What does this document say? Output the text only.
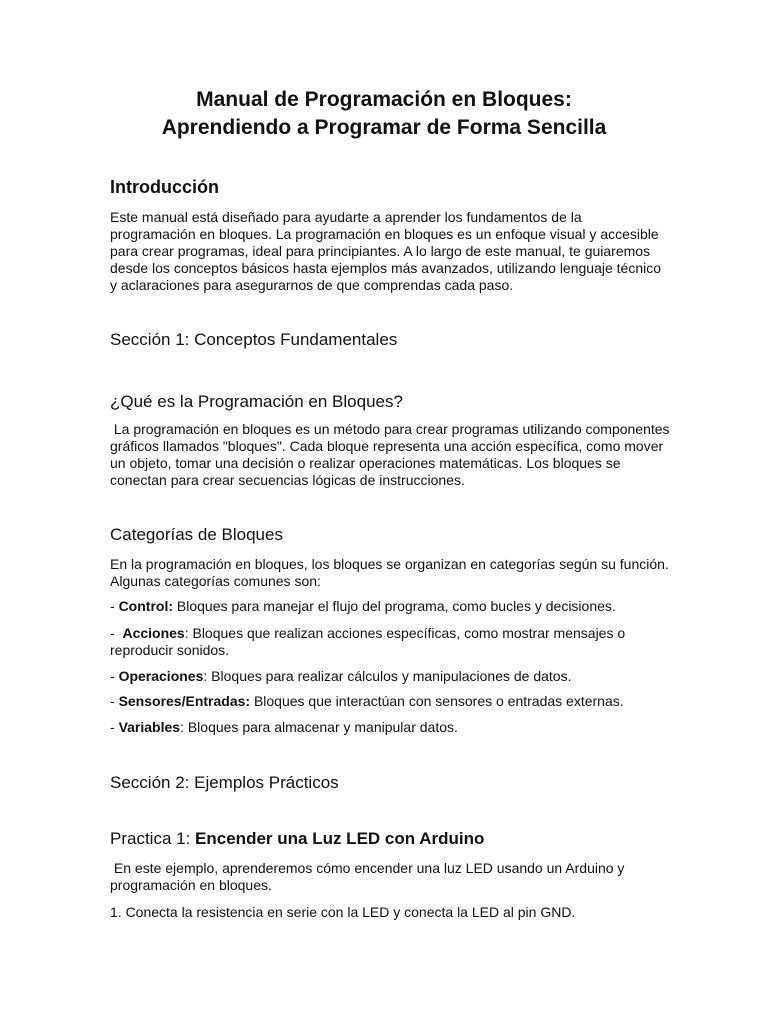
Manual de Programación en Bloques:
Aprendiendo a Programar de Forma Sencilla
Introducción
Este manual está diseñado para ayudarte a aprender los fundamentos de la programación en bloques. La programación en bloques es un enfoque visual y accesible para crear programas, ideal para principiantes. A lo largo de este manual, te guiaremos desde los conceptos básicos hasta ejemplos más avanzados, utilizando lenguaje técnico y aclaraciones para asegurarnos de que comprendas cada paso.
Sección 1: Conceptos Fundamentales
¿Qué es la Programación en Bloques?
La programación en bloques es un método para crear programas utilizando componentes gráficos llamados "bloques". Cada bloque representa una acción específica, como mover un objeto, tomar una decisión o realizar operaciones matemáticas. Los bloques se conectan para crear secuencias lógicas de instrucciones.
Categorías de Bloques
En la programación en bloques, los bloques se organizan en categorías según su función. Algunas categorías comunes son:
- Control: Bloques para manejar el flujo del programa, como bucles y decisiones.
-  Acciones: Bloques que realizan acciones específicas, como mostrar mensajes o reproducir sonidos.
- Operaciones: Bloques para realizar cálculos y manipulaciones de datos.
- Sensores/Entradas: Bloques que interactúan con sensores o entradas externas.
- Variables: Bloques para almacenar y manipular datos.
Sección 2: Ejemplos Prácticos
Practica 1: Encender una Luz LED con Arduino
En este ejemplo, aprenderemos cómo encender una luz LED usando un Arduino y programación en bloques.
1. Conecta la resistencia en serie con la LED y conecta la LED al pin GND.
